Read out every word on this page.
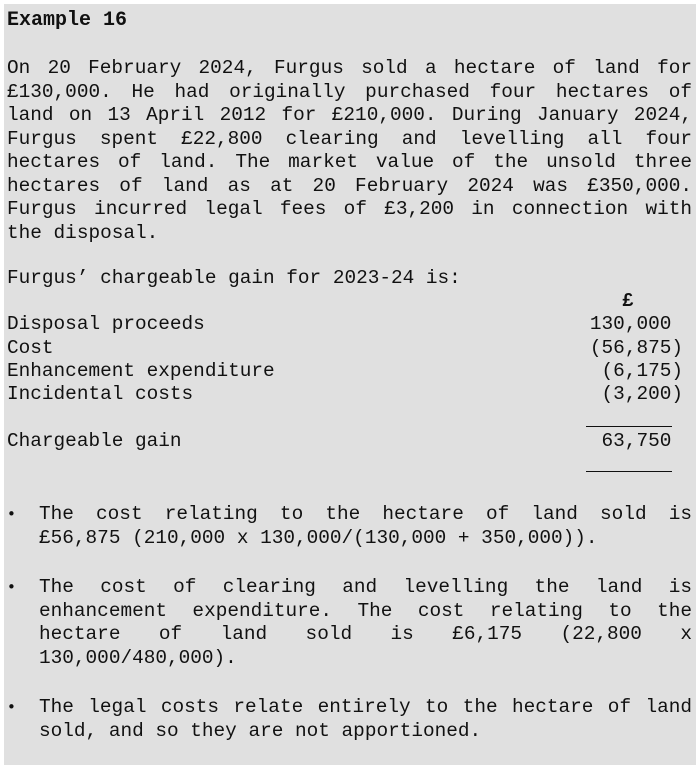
Example 16
On 20 February 2024, Furgus sold a hectare of land for
£130,000. He had originally purchased four hectares of
land on 13 April 2012 for £210,000. During January 2024,
Furgus spent £22,800 clearing and levelling all four
hectares of land. The market value of the unsold three
hectares of land as at 20 February 2024 was £350,000.
Furgus incurred legal fees of £3,200 in connection with
the disposal.
Furgus’ chargeable gain for 2023-24 is:
£
Disposal proceeds	130,000
Cost	(56,875)
Enhancement expenditure	(6,175)
Incidental costs	(3,200)
Chargeable gain	63,750
• The cost relating to the hectare of land sold is
£56,875 (210,000 x 130,000/(130,000 + 350,000)).
• The cost of clearing and levelling the land is
enhancement expenditure. The cost relating to the
hectare of land sold is £6,175 (22,800 x
130,000/480,000).
• The legal costs relate entirely to the hectare of land
sold, and so they are not apportioned.
